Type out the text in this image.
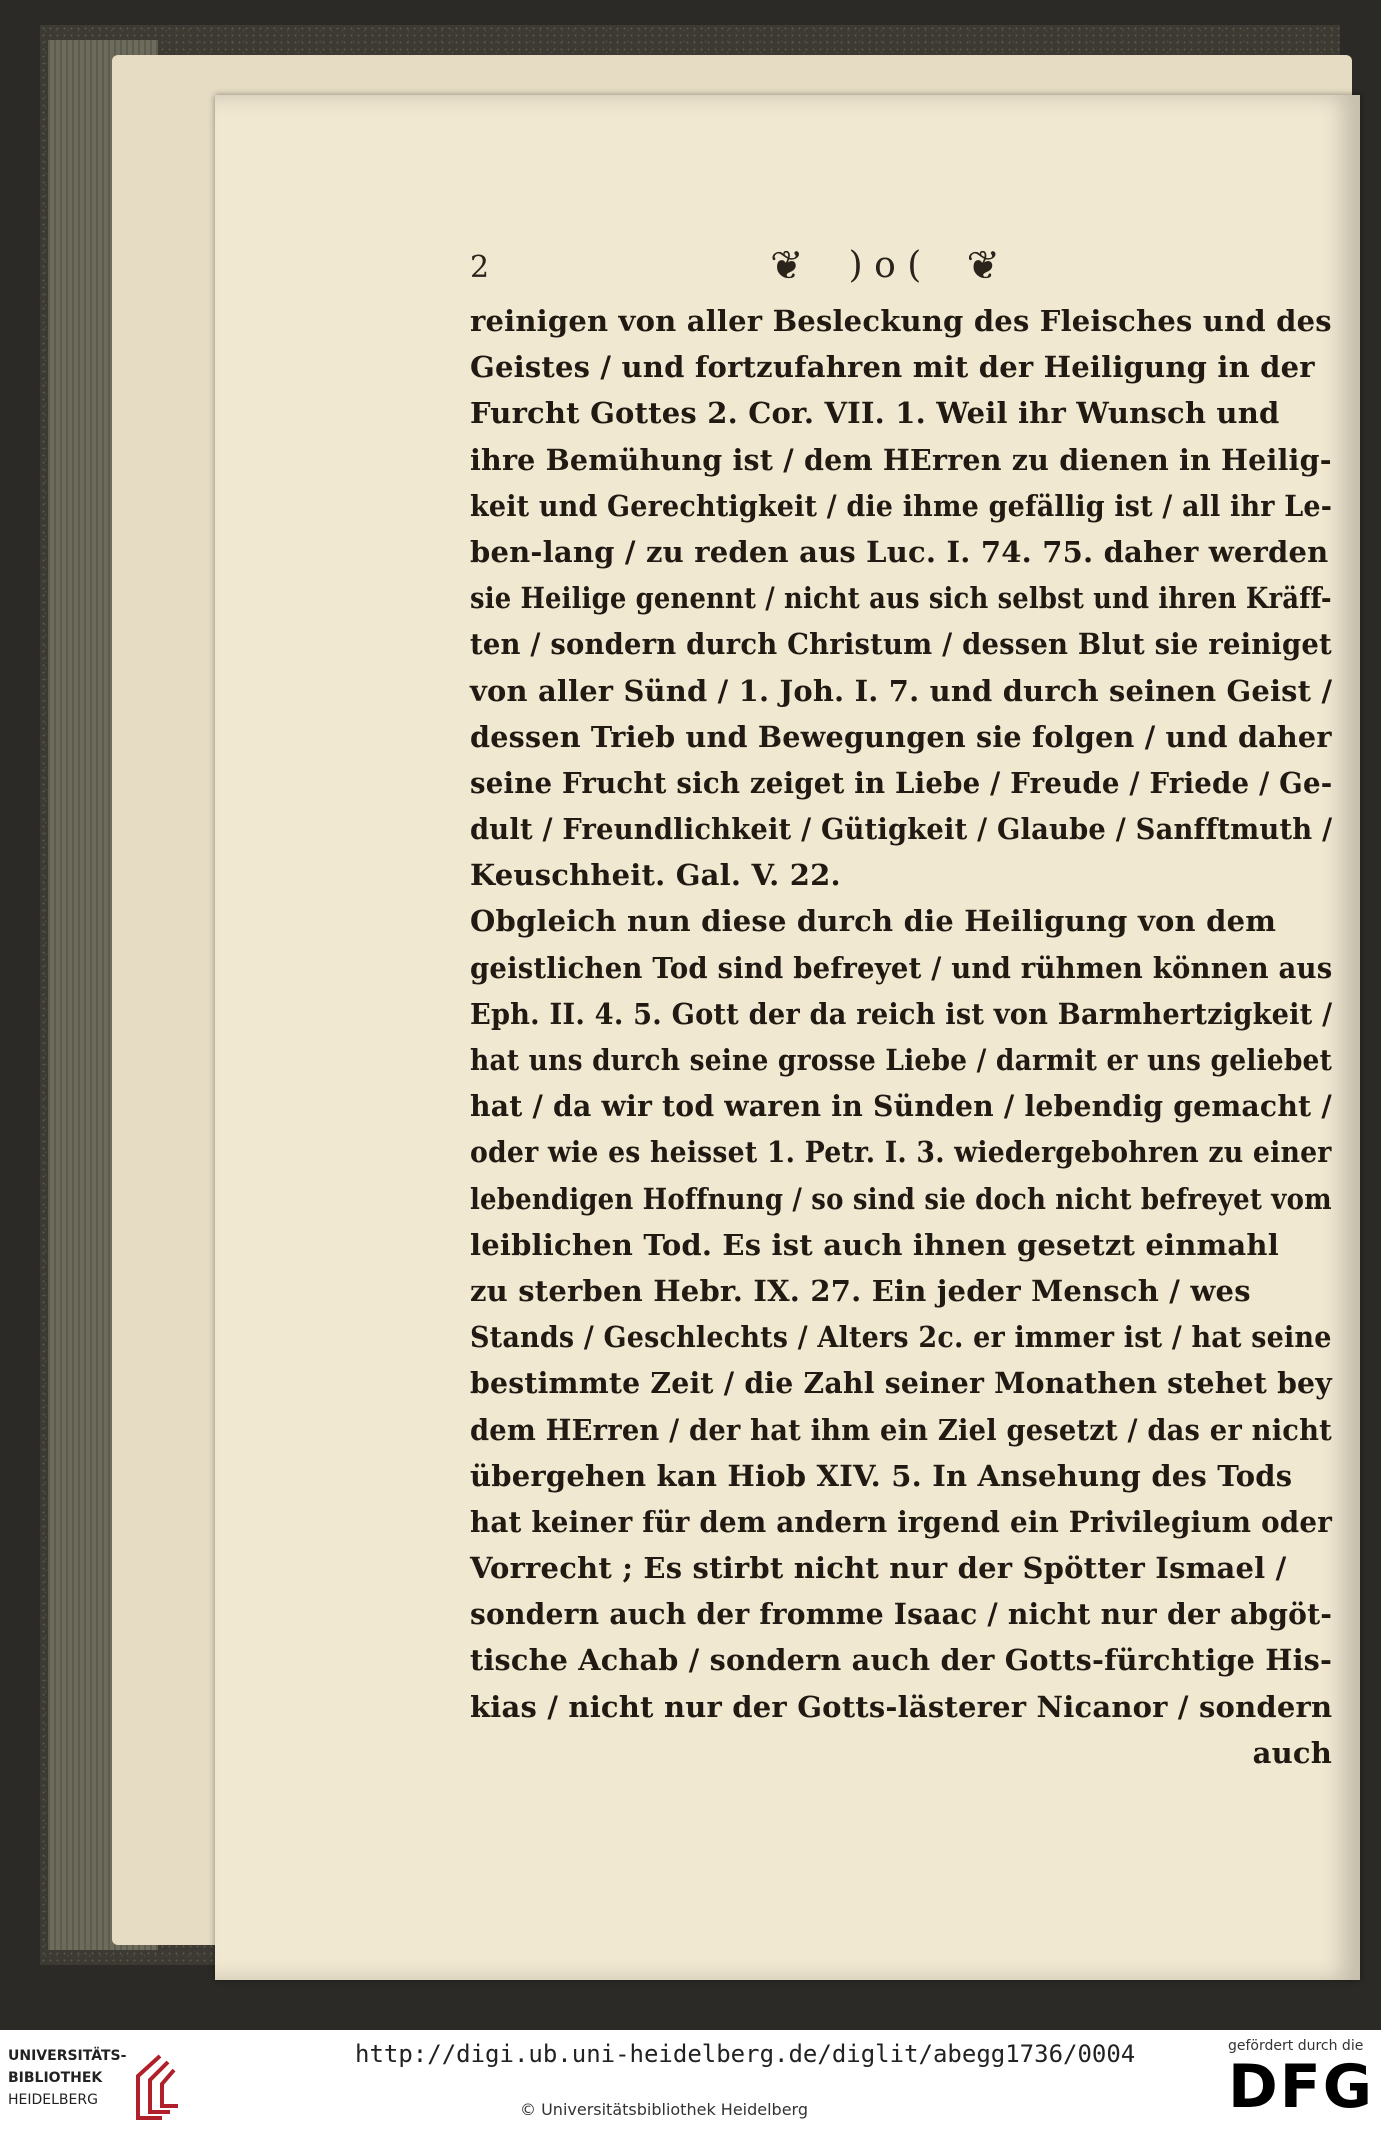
2	❦ ) o ( ❦
reinigen von aller Besleckung des Fleisches und des
Geistes / und fortzufahren mit der Heiligung in der
Furcht Gottes 2. Cor. VII. 1. Weil ihr Wunsch und
ihre Bemühung ist / dem HErren zu dienen in Heilig-
keit und Gerechtigkeit / die ihme gefällig ist / all ihr Le-
ben-lang / zu reden aus Luc. I. 74. 75. daher werden
sie Heilige genennt / nicht aus sich selbst und ihren Kräff-
ten / sondern durch Christum / dessen Blut sie reiniget
von aller Sünd / 1. Joh. I. 7. und durch seinen Geist /
dessen Trieb und Bewegungen sie folgen / und daher
seine Frucht sich zeiget in Liebe / Freude / Friede / Ge-
dult / Freundlichkeit / Gütigkeit / Glaube / Sanfftmuth /
Keuschheit. Gal. V. 22.
Obgleich nun diese durch die Heiligung von dem
geistlichen Tod sind befreyet / und rühmen können aus
Eph. II. 4. 5. Gott der da reich ist von Barmhertzigkeit /
hat uns durch seine grosse Liebe / darmit er uns geliebet
hat / da wir tod waren in Sünden / lebendig gemacht /
oder wie es heisset 1. Petr. I. 3. wiedergebohren zu einer
lebendigen Hoffnung / so sind sie doch nicht befreyet vom
leiblichen Tod. Es ist auch ihnen gesetzt einmahl
zu sterben Hebr. IX. 27. Ein jeder Mensch / wes
Stands / Geschlechts / Alters 2c. er immer ist / hat seine
bestimmte Zeit / die Zahl seiner Monathen stehet bey
dem HErren / der hat ihm ein Ziel gesetzt / das er nicht
übergehen kan Hiob XIV. 5. In Ansehung des Tods
hat keiner für dem andern irgend ein Privilegium oder
Vorrecht ; Es stirbt nicht nur der Spötter Ismael /
sondern auch der fromme Isaac / nicht nur der abgöt-
tische Achab / sondern auch der Gotts-fürchtige His-
kias / nicht nur der Gotts-lästerer Nicanor / sondern
auch
UNIVERSITÄTS-
BIBLIOTHEK
HEIDELBERG
http://digi.ub.uni-heidelberg.de/diglit/abegg1736/0004
© Universitätsbibliothek Heidelberg
gefördert durch die
DFG
